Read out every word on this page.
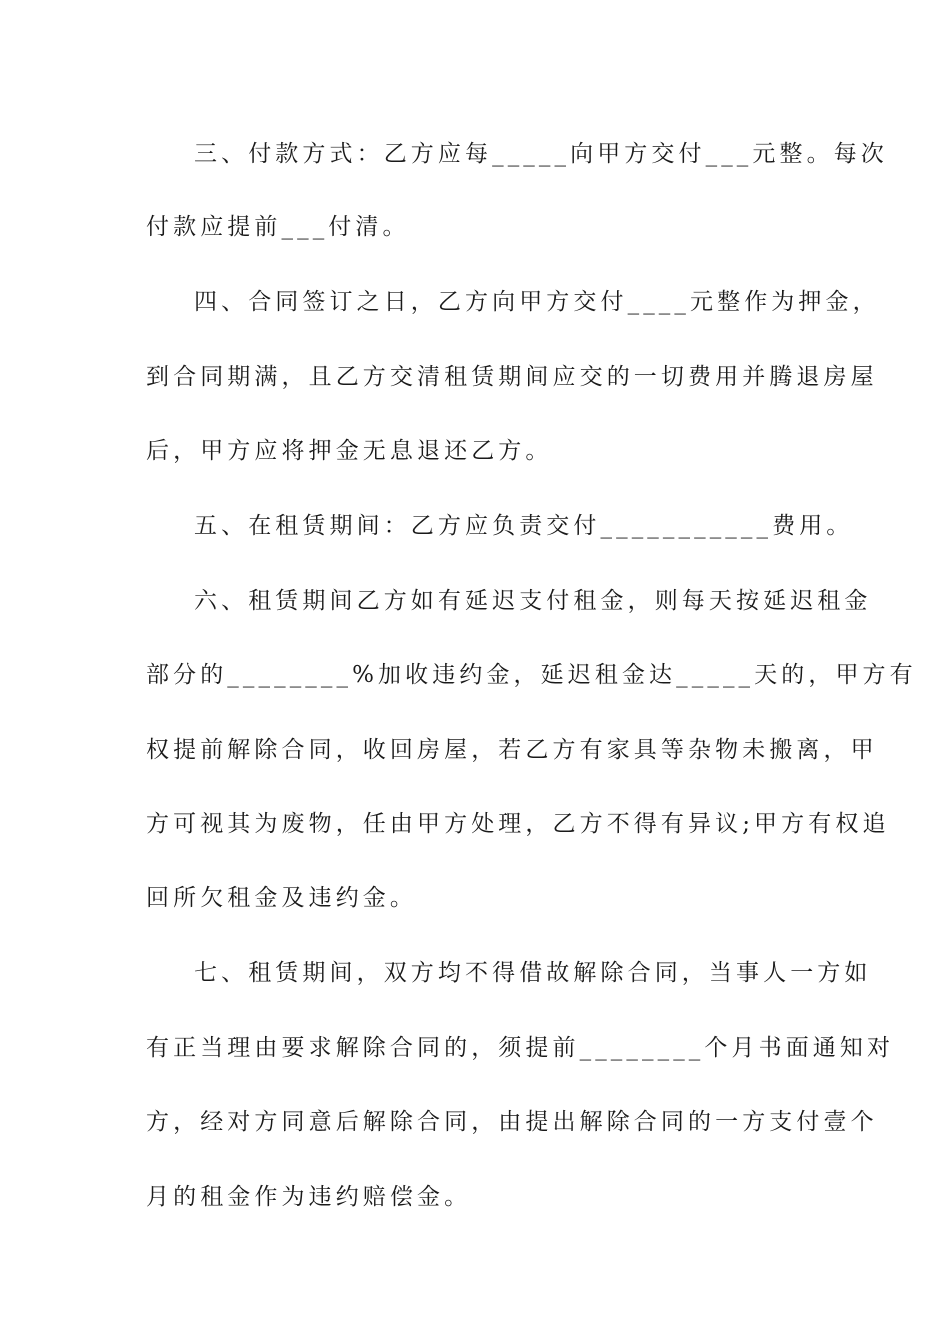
三、付款方式：乙方应每_____向甲方交付___元整。每次
付款应提前___付清。
四、合同签订之日，乙方向甲方交付____元整作为押金，
到合同期满，且乙方交清租赁期间应交的一切费用并腾退房屋
后，甲方应将押金无息退还乙方。
五、在租赁期间：乙方应负责交付___________费用。
六、租赁期间乙方如有延迟支付租金，则每天按延迟租金
部分的________%加收违约金，延迟租金达_____天的，甲方有
权提前解除合同，收回房屋，若乙方有家具等杂物未搬离，甲
方可视其为废物，任由甲方处理，乙方不得有异议;甲方有权追
回所欠租金及违约金。
七、租赁期间，双方均不得借故解除合同，当事人一方如
有正当理由要求解除合同的，须提前________个月书面通知对
方，经对方同意后解除合同，由提出解除合同的一方支付壹个
月的租金作为违约赔偿金。
